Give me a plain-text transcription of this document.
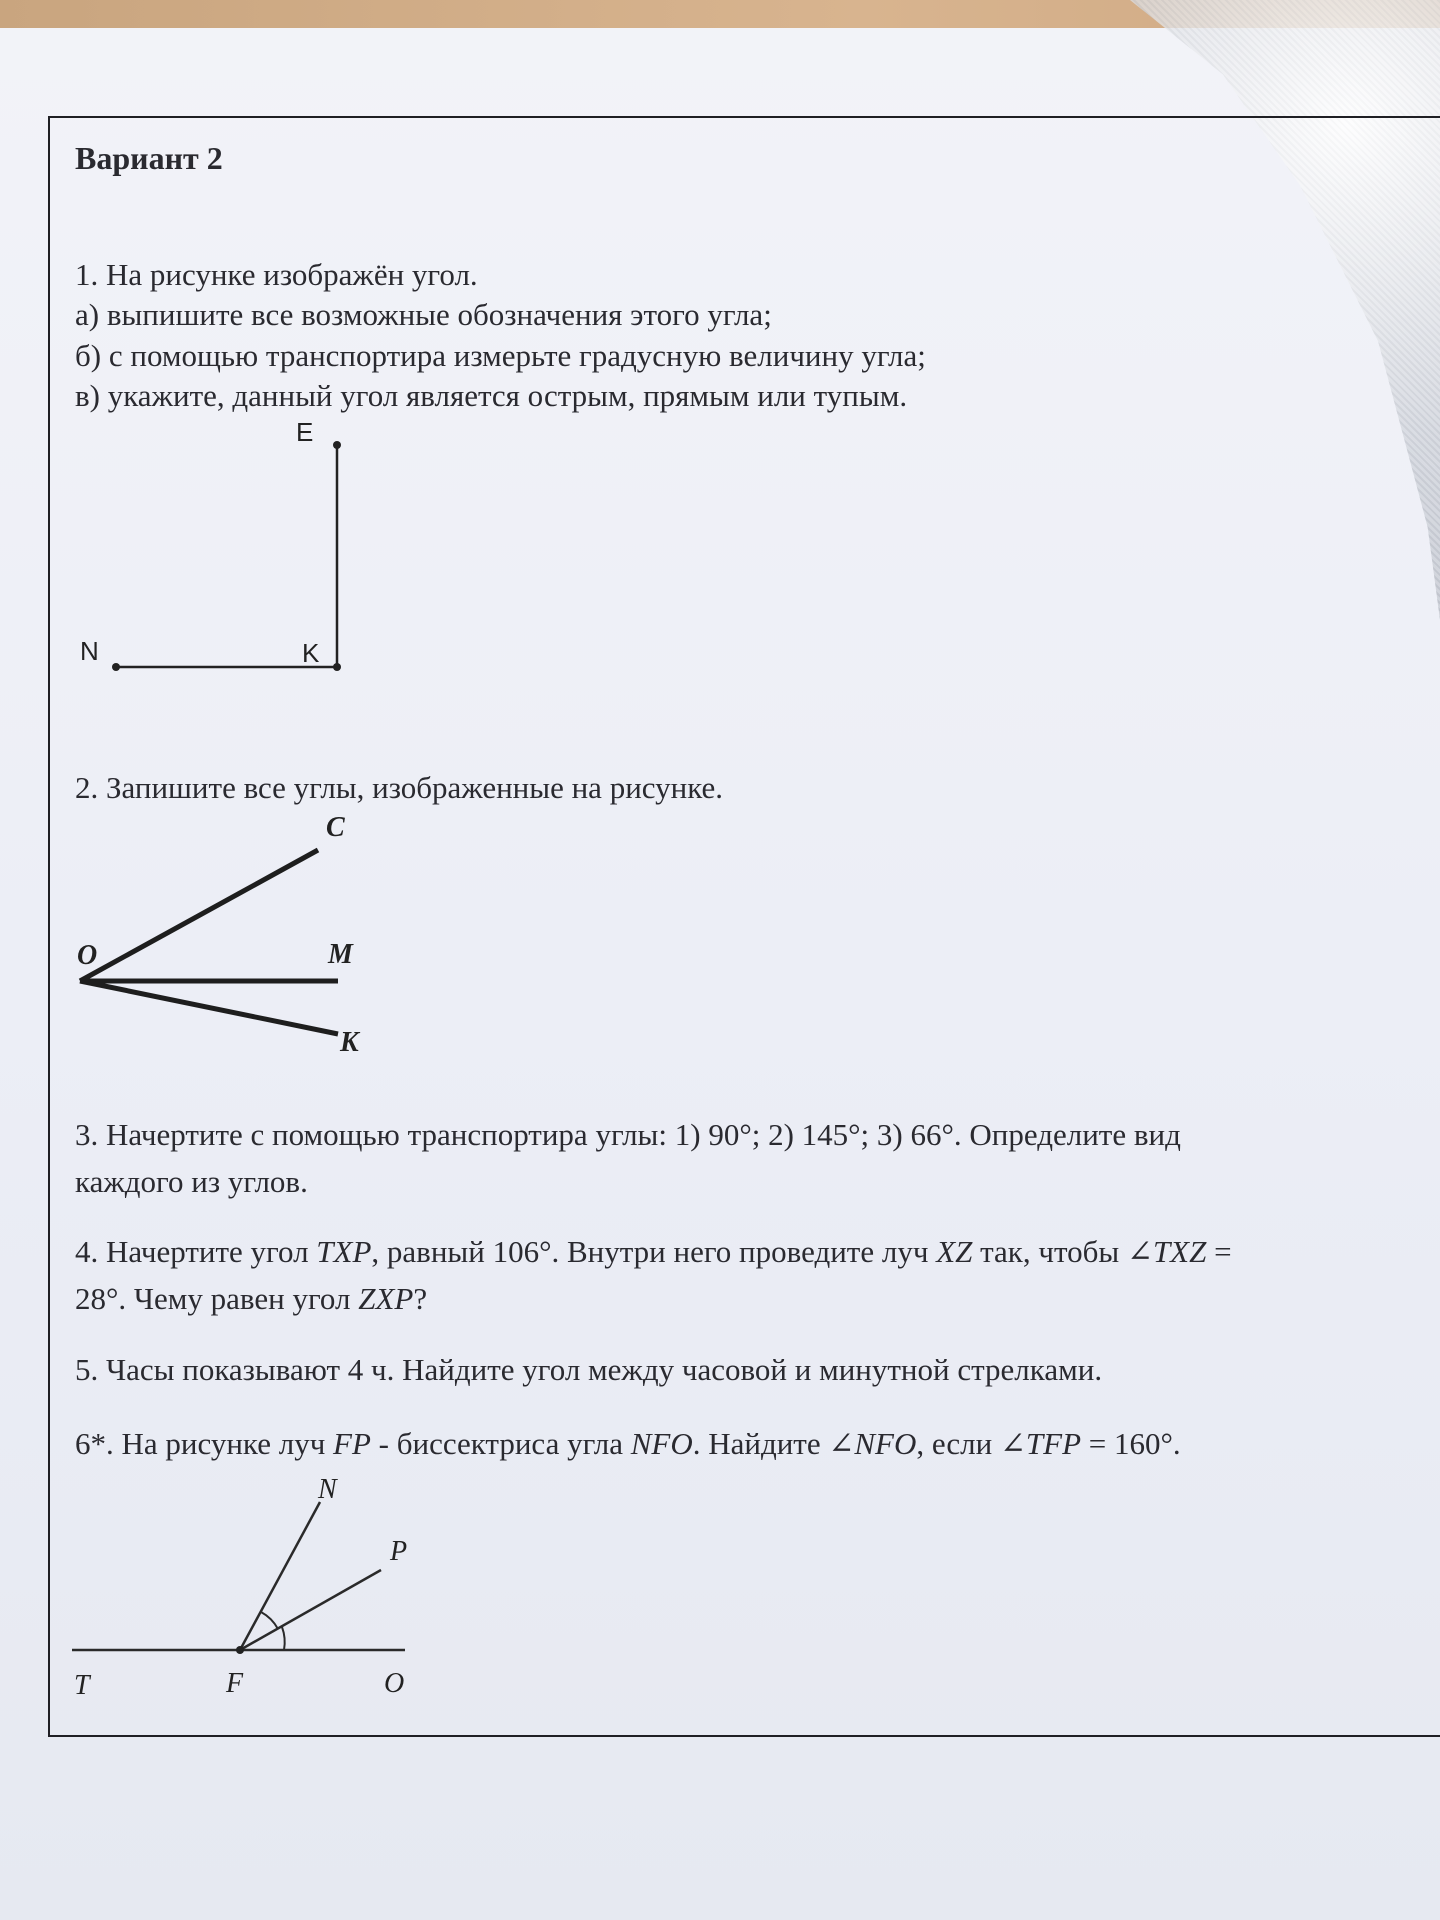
Вариант 2
1. На рисунке изображён угол.
а) выпишите все возможные обозначения этого угла;
б) с помощью транспортира измерьте градусную величину угла;
в) укажите, данный угол является острым, прямым или тупым.
E
N	K
2. Запишите все углы, изображенные на рисунке.
C
O	M
K
3. Начертите с помощью транспортира углы: 1) 90°; 2) 145°; 3) 66°. Определите вид
каждого из углов.
4. Начертите угол TXP, равный 106°. Внутри него проведите луч XZ так, чтобы ∠TXZ =
28°. Чему равен угол ZXP?
5. Часы показывают 4 ч. Найдите угол между часовой и минутной стрелками.
6*. На рисунке луч FP - биссектриса угла NFO. Найдите ∠NFO, если ∠TFP = 160°.
N
P
T	F	O
